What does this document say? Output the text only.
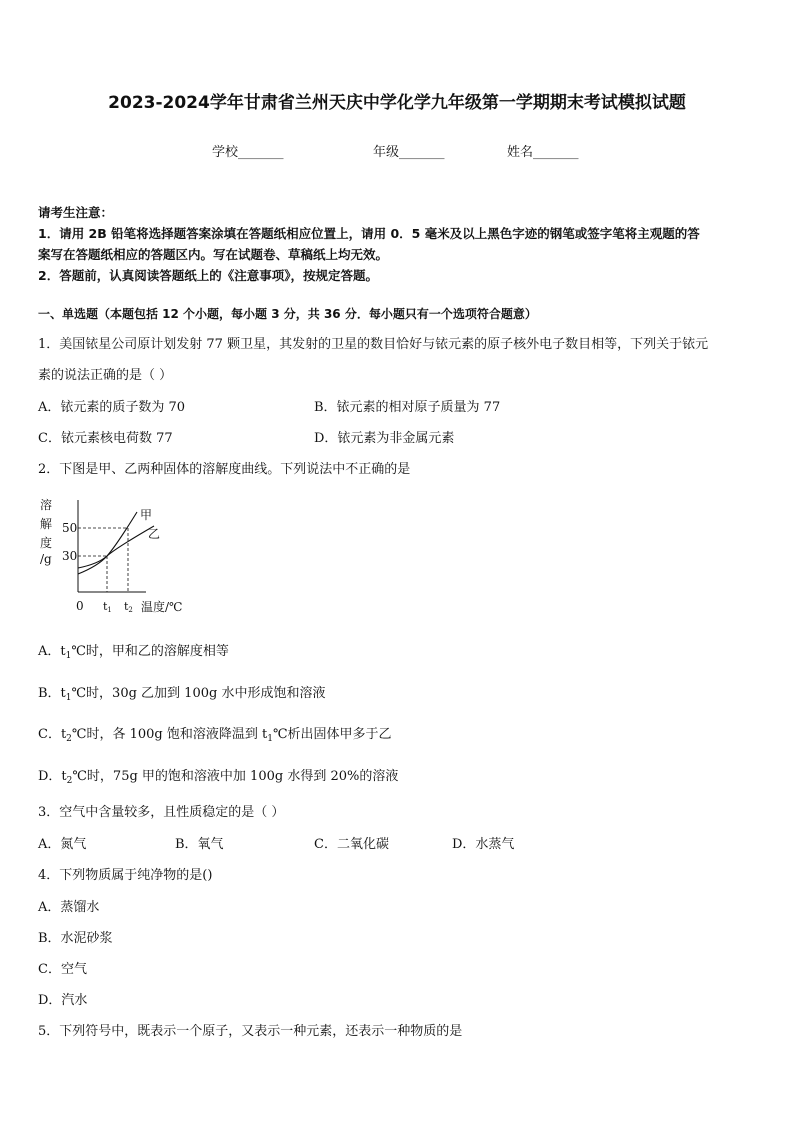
2023-2024学年甘肃省兰州天庆中学化学九年级第一学期期末考试模拟试题
学校_______	年级_______	姓名_______
请考生注意：
1．请用 2B 铅笔将选择题答案涂填在答题纸相应位置上，请用 0．5 毫米及以上黑色字迹的钢笔或签字笔将主观题的答
案写在答题纸相应的答题区内。写在试题卷、草稿纸上均无效。
2．答题前，认真阅读答题纸上的《注意事项》，按规定答题。
一、单选题（本题包括 12 个小题，每小题 3 分，共 36 分．每小题只有一个选项符合题意）
1．美国铱星公司原计划发射 77 颗卫星，其发射的卫星的数目恰好与铱元素的原子核外电子数目相等，下列关于铱元
素的说法正确的是（ ）
A．铱元素的质子数为 70	B．铱元素的相对原子质量为 77
C．铱元素核电荷数 77	D．铱元素为非金属元素
2．下图是甲、乙两种固体的溶解度曲线。下列说法中不正确的是
溶
解
度
/g
50
30
0
甲
乙
温度/℃
t1 t2
A．$t_1℃$时，甲和乙的溶解度相等
B．$t_1℃$时，30g 乙加到 100g 水中形成饱和溶液
C．$t_2℃$时，各 100g 饱和溶液降温到 $t_1℃$析出固体甲多于乙
D．$t_2℃$时，75g 甲的饱和溶液中加 100g 水得到 20%的溶液
3．空气中含量较多，且性质稳定的是（ ）
A．氮气	B．氧气	C．二氧化碳	D．水蒸气
4．下列物质属于纯净物的是()
A．蒸馏水
B．水泥砂浆
C．空气
D．汽水
5．下列符号中，既表示一个原子，又表示一种元素，还表示一种物质的是
